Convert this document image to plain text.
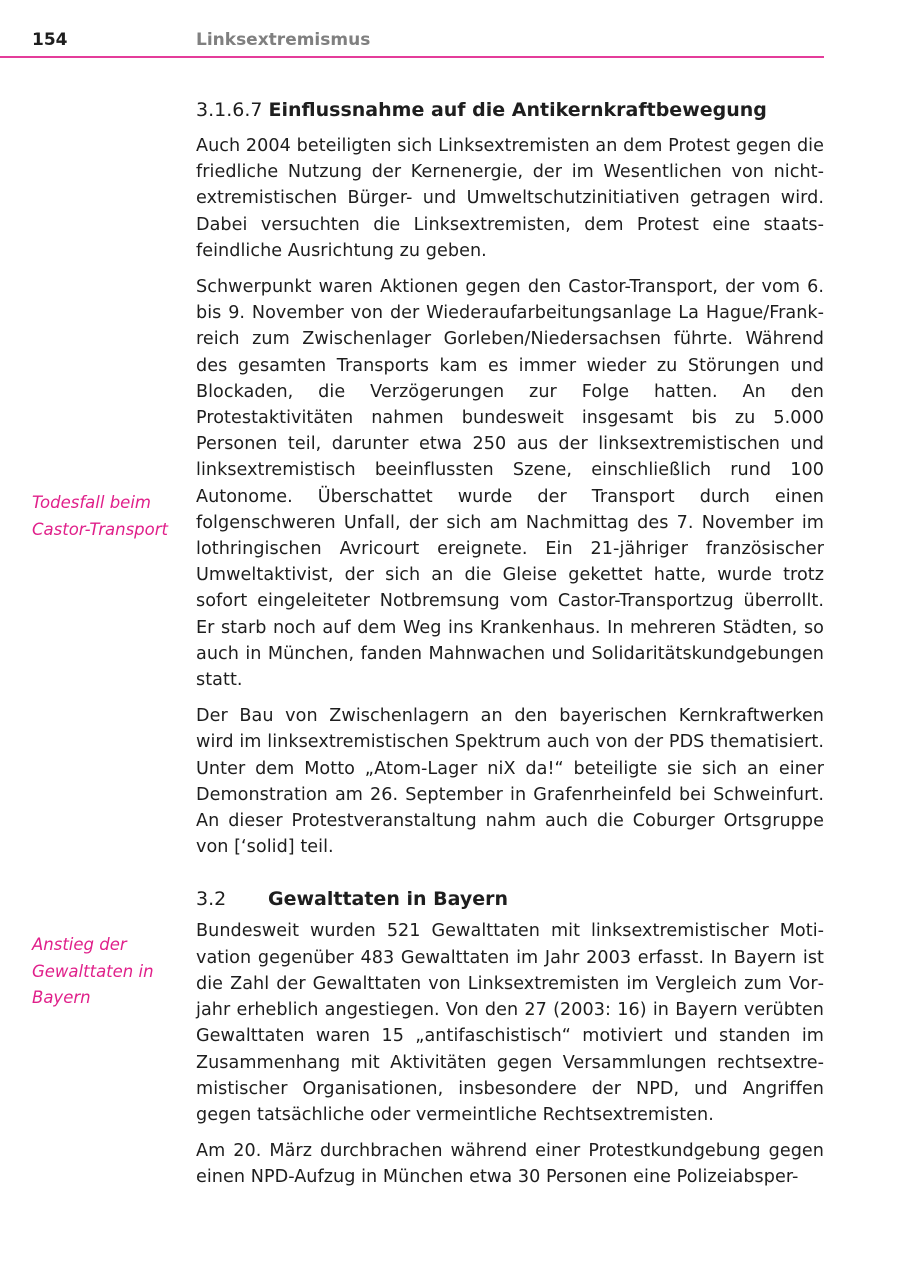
154	Linksextremismus
Todesfall beim Castor-Transport
Anstieg der Gewalttaten in Bayern
3.1.6.7 Einflussnahme auf die Antikernkraftbewegung

Auch 2004 beteiligten sich Linksextremisten an dem Protest gegen die friedliche Nutzung der Kernenergie, der im Wesentlichen von nicht-extremistischen Bürger- und Umweltschutzinitiativen getragen wird. Dabei versuchten die Linksextremisten, dem Protest eine staatsfeindliche Ausrichtung zu geben.

Schwerpunkt waren Aktionen gegen den Castor-Transport, der vom 6. bis 9. November von der Wiederaufarbeitungsanlage La Hague/Frankreich zum Zwischenlager Gorleben/Niedersachsen führte. Während des gesamten Transports kam es immer wieder zu Störungen und Blockaden, die Verzögerungen zur Folge hatten. An den Protestaktivitäten nahmen bundesweit insgesamt bis zu 5.000 Personen teil, darunter etwa 250 aus der linksextremistischen und linksextremistisch beeinflussten Szene, einschließlich rund 100 Autonome. Überschattet wurde der Transport durch einen folgenschweren Unfall, der sich am Nachmittag des 7. November im lothringischen Avricourt ereignete. Ein 21-jähriger französischer Umweltaktivist, der sich an die Gleise gekettet hatte, wurde trotz sofort eingeleiteter Notbremsung vom Castor-Transportzug überrollt. Er starb noch auf dem Weg ins Krankenhaus. In mehreren Städten, so auch in München, fanden Mahnwachen und Solidaritätskundgebungen statt.

Der Bau von Zwischenlagern an den bayerischen Kernkraftwerken wird im linksextremistischen Spektrum auch von der PDS thematisiert. Unter dem Motto „Atom-Lager niX da!“ beteiligte sie sich an einer Demonstration am 26. September in Grafenrheinfeld bei Schweinfurt. An dieser Protestveranstaltung nahm auch die Coburger Ortsgruppe von [‘solid] teil.

3.2	Gewalttaten in Bayern

Bundesweit wurden 521 Gewalttaten mit linksextremistischer Motivation gegenüber 483 Gewalttaten im Jahr 2003 erfasst. In Bayern ist die Zahl der Gewalttaten von Linksextremisten im Vergleich zum Vorjahr erheblich angestiegen. Von den 27 (2003: 16) in Bayern verübten Gewalttaten waren 15 „antifaschistisch“ motiviert und standen im Zusammenhang mit Aktivitäten gegen Versammlungen rechtsextremistischer Organisationen, insbesondere der NPD, und Angriffen gegen tatsächliche oder vermeintliche Rechtsextremisten.

Am 20. März durchbrachen während einer Protestkundgebung gegen einen NPD-Aufzug in München etwa 30 Personen eine Polizeiabsper-
